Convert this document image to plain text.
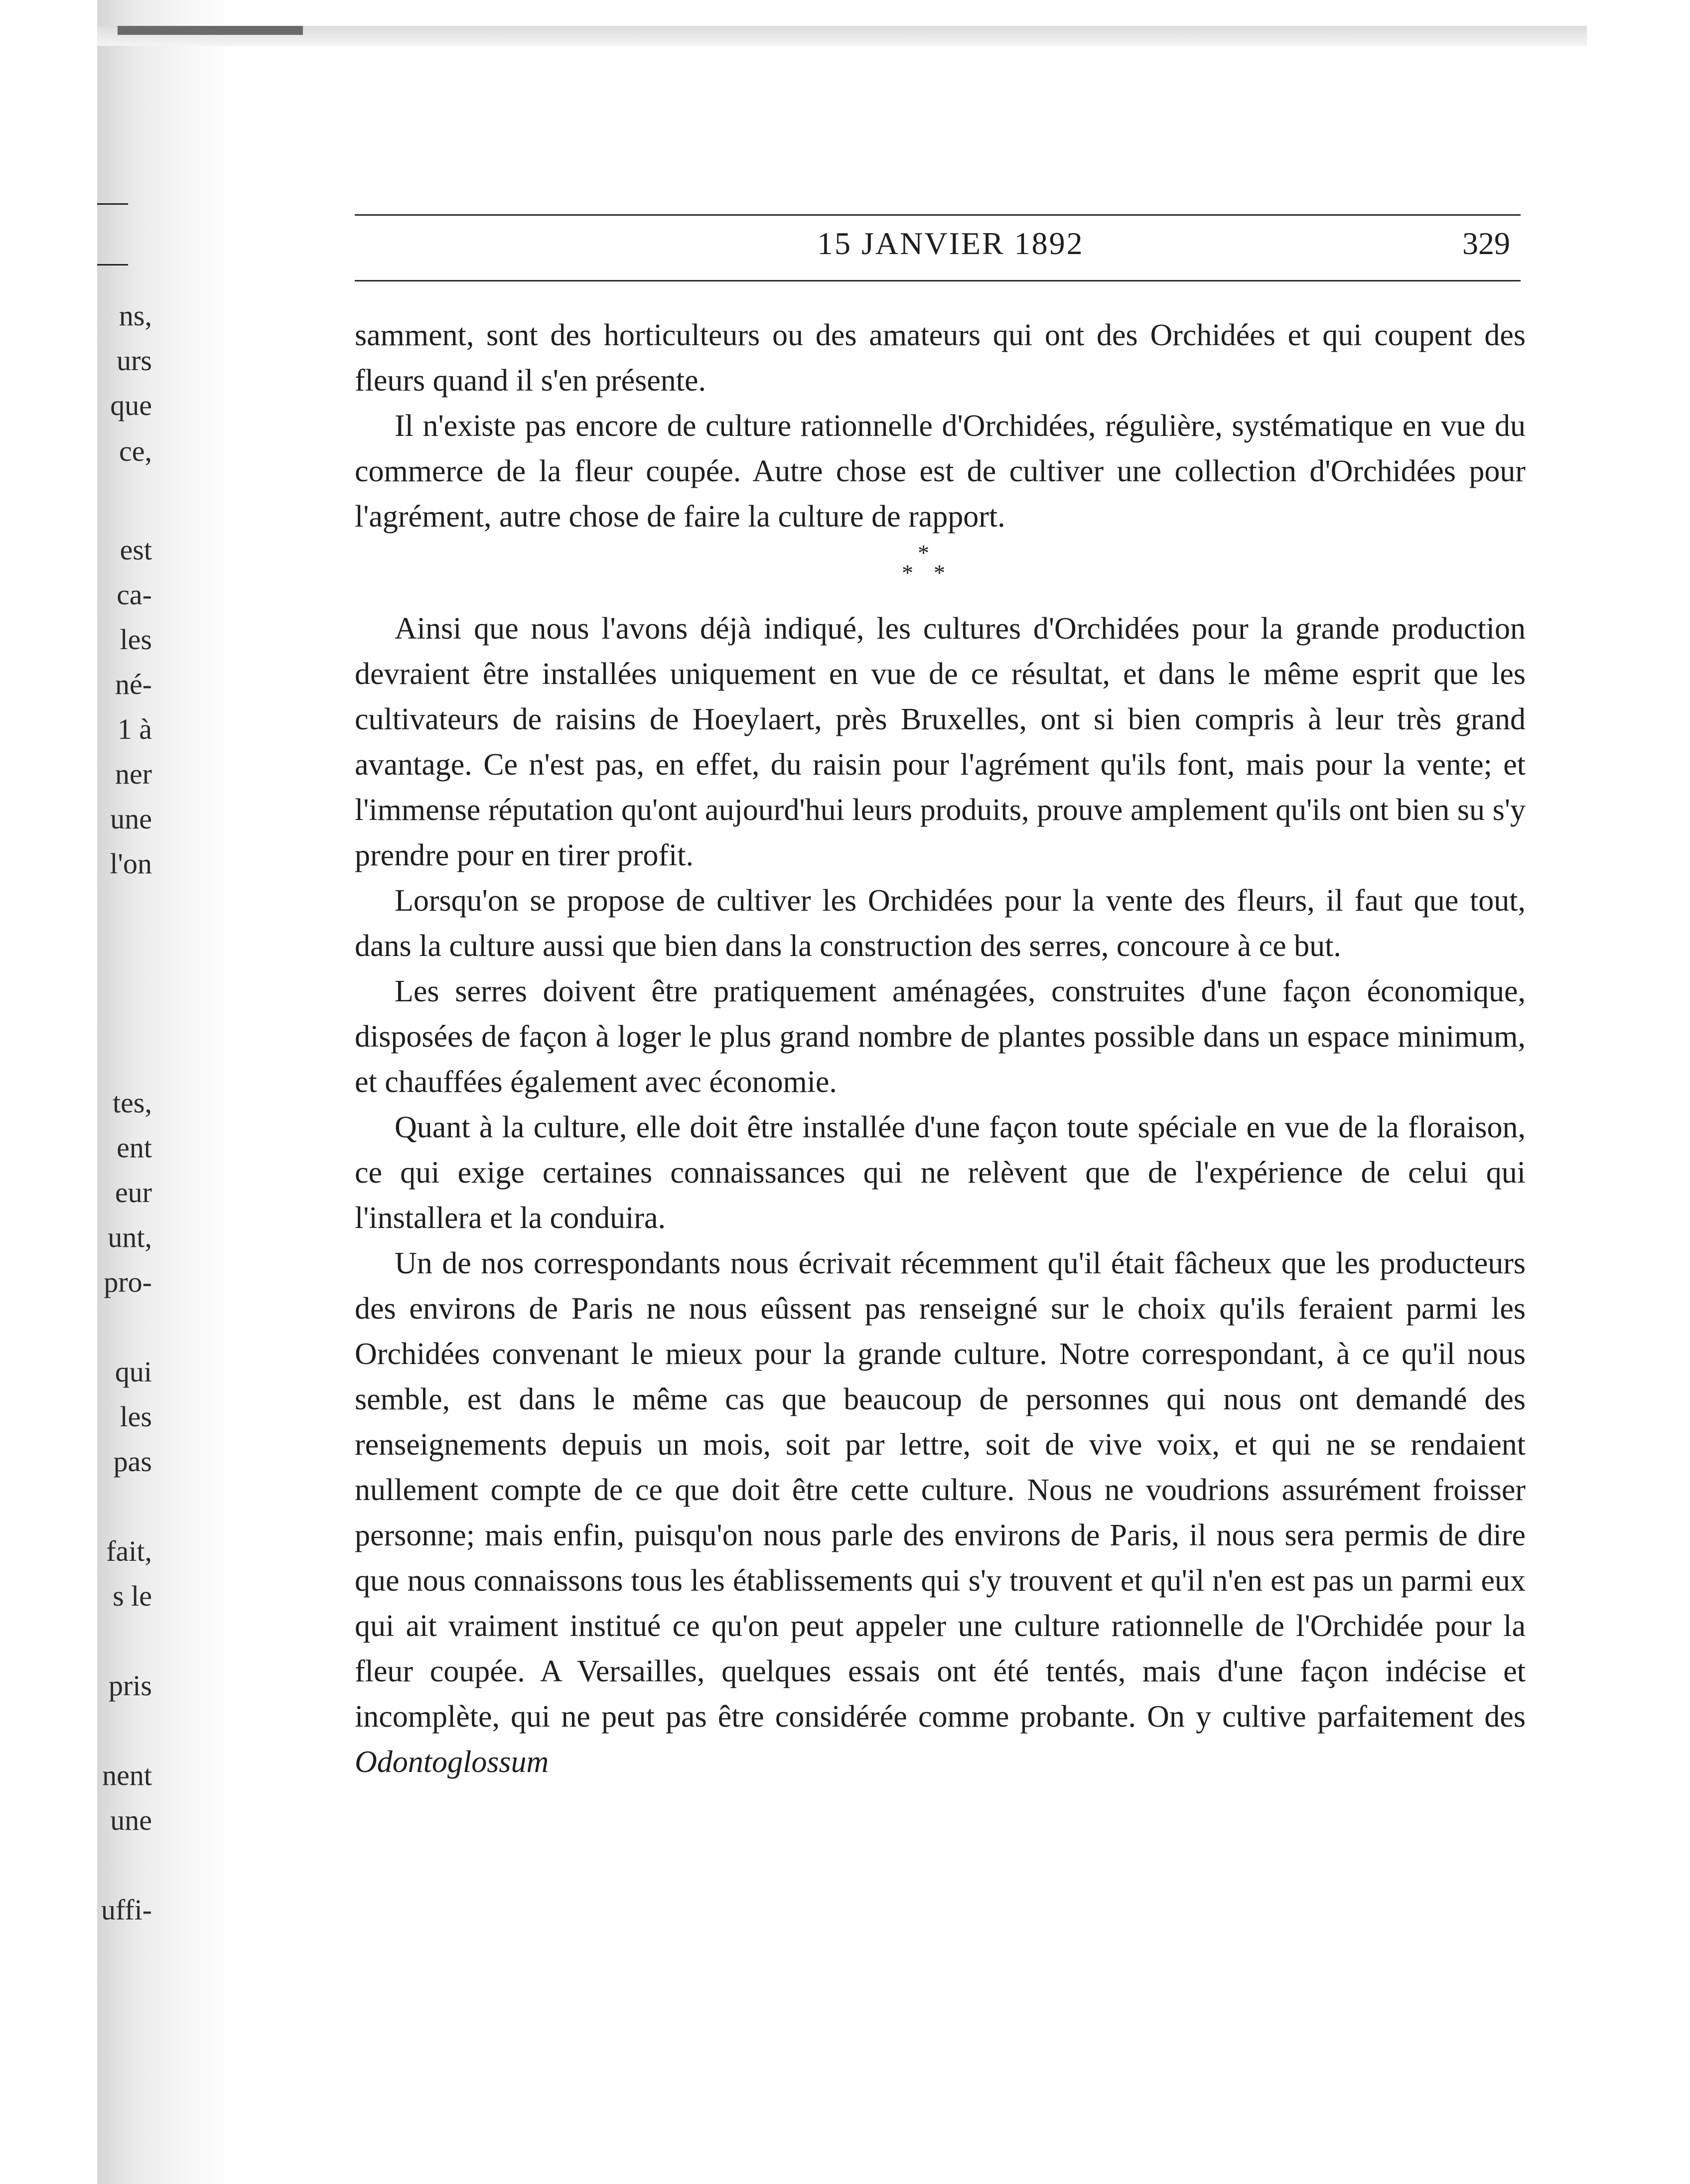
ns,
urs
que
ce,
est
ca-
les
né-
1 à
ner
une
l'on
tes,
ent
eur
unt,
pro-
qui
les
pas
fait,
s le
pris
nent
une
uffi-
15 JANVIER 1892	329

samment, sont des horticulteurs ou des amateurs qui ont des Orchidées et qui coupent des fleurs quand il s'en présente.

Il n'existe pas encore de culture rationnelle d'Orchidées, régulière, systématique en vue du commerce de la fleur coupée. Autre chose est de cultiver une collection d'Orchidées pour l'agrément, autre chose de faire la culture de rapport.

*
* *

Ainsi que nous l'avons déjà indiqué, les cultures d'Orchidées pour la grande production devraient être installées uniquement en vue de ce résultat, et dans le même esprit que les cultivateurs de raisins de Hoeylaert, près Bruxelles, ont si bien compris à leur très grand avantage. Ce n'est pas, en effet, du raisin pour l'agrément qu'ils font, mais pour la vente; et l'immense réputation qu'ont aujourd'hui leurs produits, prouve amplement qu'ils ont bien su s'y prendre pour en tirer profit.

Lorsqu'on se propose de cultiver les Orchidées pour la vente des fleurs, il faut que tout, dans la culture aussi que bien dans la construction des serres, concoure à ce but.

Les serres doivent être pratiquement aménagées, construites d'une façon économique, disposées de façon à loger le plus grand nombre de plantes possible dans un espace minimum, et chauffées également avec économie.

Quant à la culture, elle doit être installée d'une façon toute spéciale en vue de la floraison, ce qui exige certaines connaissances qui ne relèvent que de l'expérience de celui qui l'installera et la conduira.

Un de nos correspondants nous écrivait récemment qu'il était fâcheux que les producteurs des environs de Paris ne nous eûssent pas renseigné sur le choix qu'ils feraient parmi les Orchidées convenant le mieux pour la grande culture. Notre correspondant, à ce qu'il nous semble, est dans le même cas que beaucoup de personnes qui nous ont demandé des renseignements depuis un mois, soit par lettre, soit de vive voix, et qui ne se rendaient nullement compte de ce que doit être cette culture. Nous ne voudrions assurément froisser personne; mais enfin, puisqu'on nous parle des environs de Paris, il nous sera permis de dire que nous connaissons tous les établissements qui s'y trouvent et qu'il n'en est pas un parmi eux qui ait vraiment institué ce qu'on peut appeler une culture rationnelle de l'Orchidée pour la fleur coupée. A Versailles, quelques essais ont été tentés, mais d'une façon indécise et incomplète, qui ne peut pas être considérée comme probante. On y cultive parfaitement des Odontoglossum
